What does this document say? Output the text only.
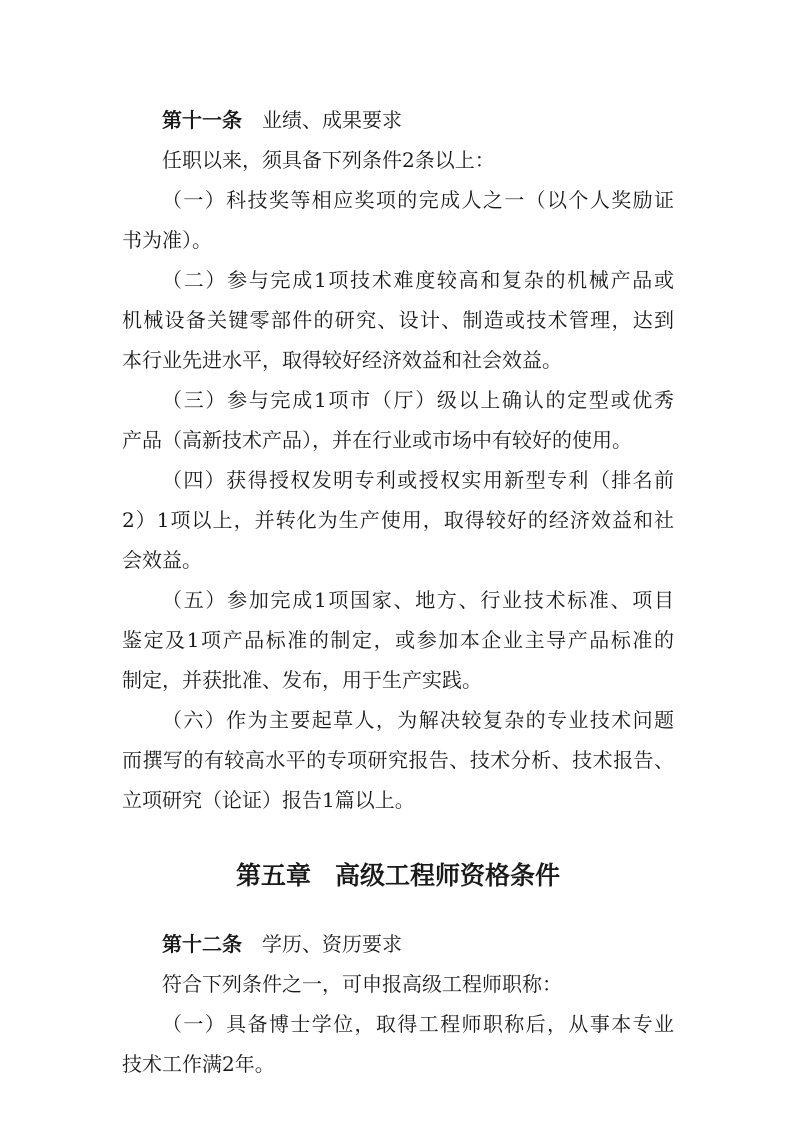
第十一条 业绩、成果要求
任职以来，须具备下列条件2条以上：
（一）科技奖等相应奖项的完成人之一（以个人奖励证
书为准）。
（二）参与完成1项技术难度较高和复杂的机械产品或
机械设备关键零部件的研究、设计、制造或技术管理，达到
本行业先进水平，取得较好经济效益和社会效益。
（三）参与完成1项市（厅）级以上确认的定型或优秀
产品（高新技术产品），并在行业或市场中有较好的使用。
（四）获得授权发明专利或授权实用新型专利（排名前
2）1项以上，并转化为生产使用，取得较好的经济效益和社
会效益。
（五）参加完成1项国家、地方、行业技术标准、项目
鉴定及1项产品标准的制定，或参加本企业主导产品标准的
制定，并获批准、发布，用于生产实践。
（六）作为主要起草人，为解决较复杂的专业技术问题
而撰写的有较高水平的专项研究报告、技术分析、技术报告、
立项研究（论证）报告1篇以上。
第五章 高级工程师资格条件
第十二条 学历、资历要求
符合下列条件之一，可申报高级工程师职称：
（一）具备博士学位，取得工程师职称后，从事本专业
技术工作满2年。
